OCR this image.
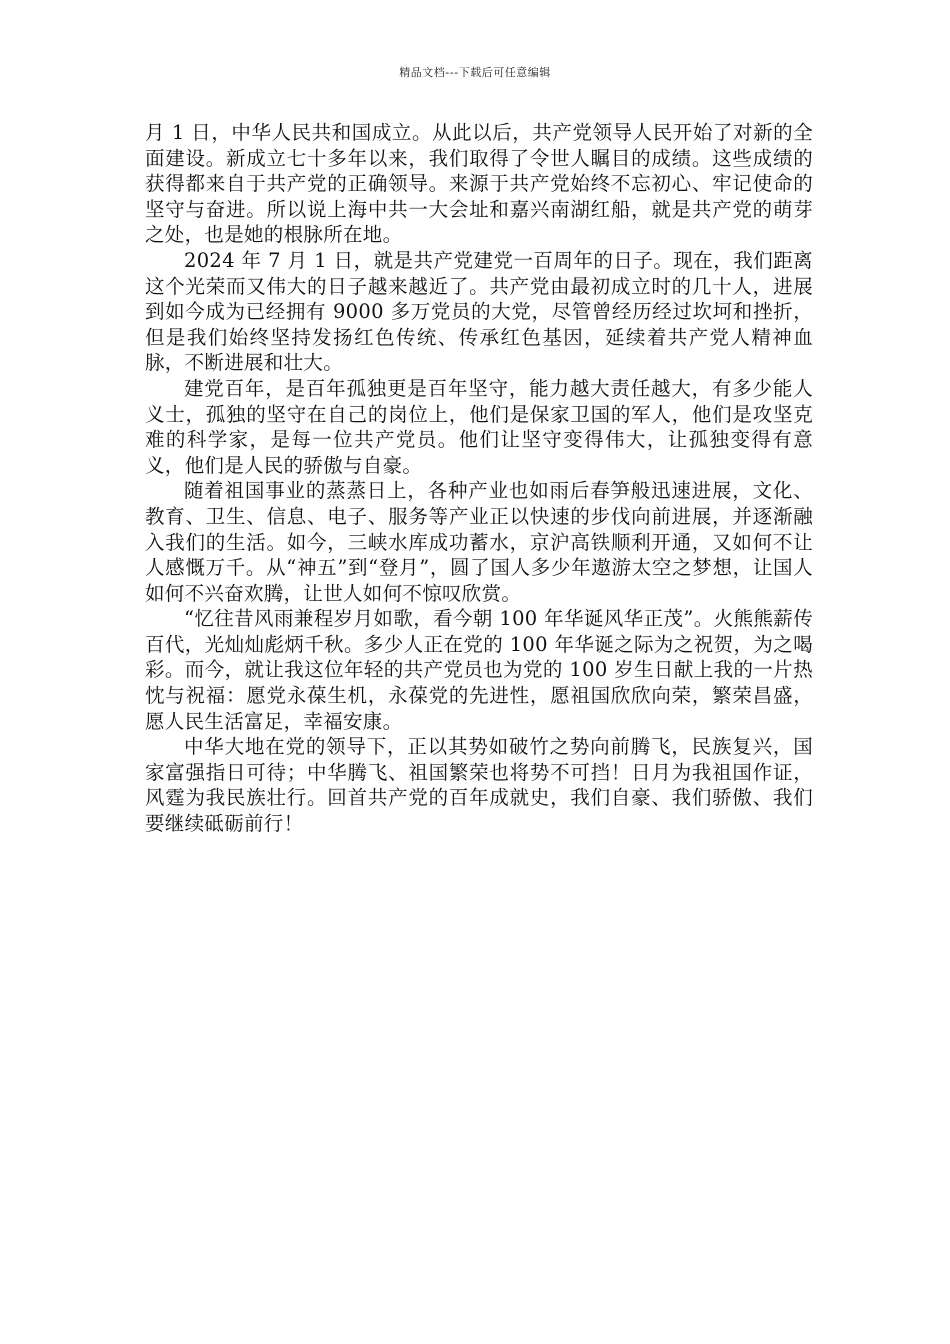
精品文档---下载后可任意编辑

月 1 日，中华人民共和国成立。从此以后，共产党领导人民开始了对新的全面建设。新成立七十多年以来，我们取得了令世人瞩目的成绩。这些成绩的获得都来自于共产党的正确领导。来源于共产党始终不忘初心、牢记使命的坚守与奋进。所以说上海中共一大会址和嘉兴南湖红船，就是共产党的萌芽之处，也是她的根脉所在地。

2024 年 7 月 1 日，就是共产党建党一百周年的日子。现在，我们距离这个光荣而又伟大的日子越来越近了。共产党由最初成立时的几十人，进展到如今成为已经拥有 9000 多万党员的大党，尽管曾经历经过坎坷和挫折，但是我们始终坚持发扬红色传统、传承红色基因，延续着共产党人精神血脉，不断进展和壮大。

建党百年，是百年孤独更是百年坚守，能力越大责任越大，有多少能人义士，孤独的坚守在自己的岗位上，他们是保家卫国的军人，他们是攻坚克难的科学家，是每一位共产党员。他们让坚守变得伟大，让孤独变得有意义，他们是人民的骄傲与自豪。

随着祖国事业的蒸蒸日上，各种产业也如雨后春笋般迅速进展，文化、教育、卫生、信息、电子、服务等产业正以快速的步伐向前进展，并逐渐融入我们的生活。如今，三峡水库成功蓄水，京沪高铁顺利开通，又如何不让人感慨万千。从“神五”到“登月”，圆了国人多少年遨游太空之梦想，让国人如何不兴奋欢腾，让世人如何不惊叹欣赏。

“忆往昔风雨兼程岁月如歌，看今朝 100 年华诞风华正茂”。火熊熊薪传百代，光灿灿彪炳千秋。多少人正在党的 100 年华诞之际为之祝贺，为之喝彩。而今，就让我这位年轻的共产党员也为党的 100 岁生日献上我的一片热忱与祝福：愿党永葆生机，永葆党的先进性，愿祖国欣欣向荣，繁荣昌盛，愿人民生活富足，幸福安康。

中华大地在党的领导下，正以其势如破竹之势向前腾飞，民族复兴，国家富强指日可待；中华腾飞、祖国繁荣也将势不可挡！日月为我祖国作证，风霆为我民族壮行。回首共产党的百年成就史，我们自豪、我们骄傲、我们要继续砥砺前行！
